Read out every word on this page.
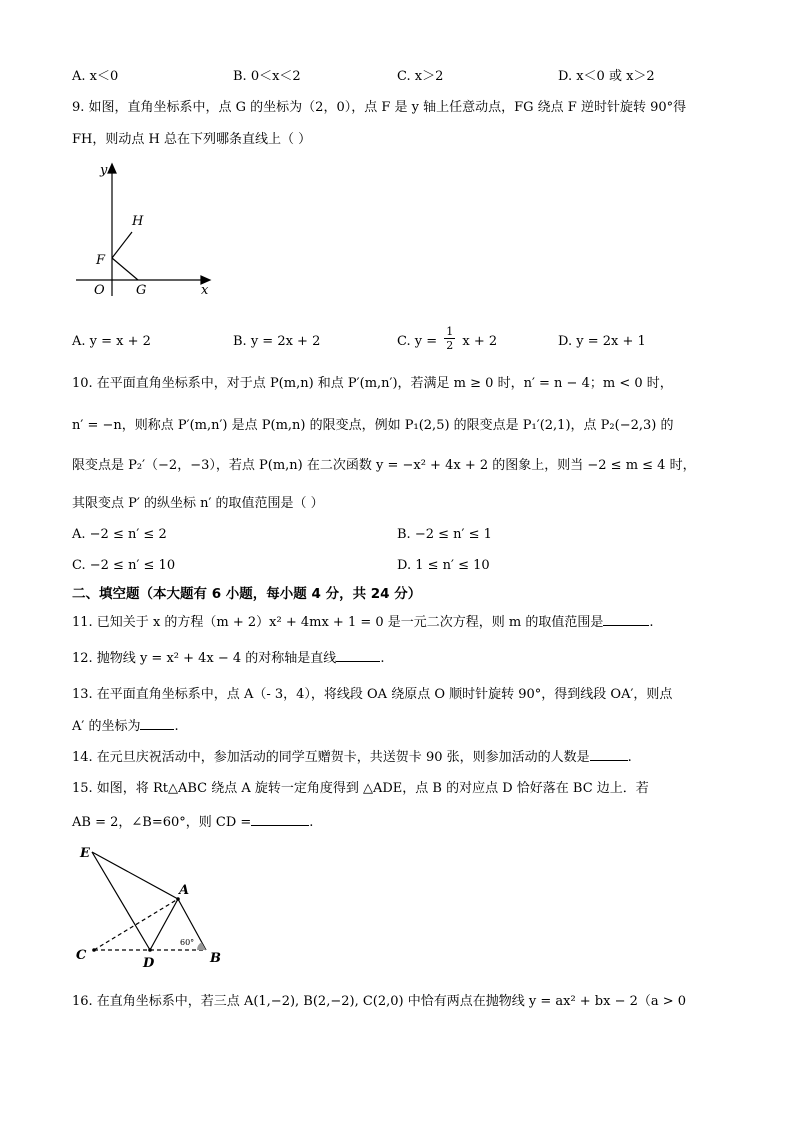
A. x＜0	B. 0＜x＜2	C. x＞2	D. x＜0 或 x＞2
9. 如图，直角坐标系中，点 G 的坐标为（2，0），点 F 是 y 轴上任意动点，FG 绕点 F 逆时针旋转 90°得
FH，则动点 H 总在下列哪条直线上（ ）
y
x
O
F
G
H
A. y = x + 2	B. y = 2x + 2	C. $y = \frac{1}{2}$ x + 2	D. y = 2x + 1
10. 在平面直角坐标系中，对于点 P(m,n) 和点 P′(m,n′)，若满足 m ≥ 0 时，n′ = n − 4；m < 0 时，
n′ = −n，则称点 P′(m,n′) 是点 P(m,n) 的限变点，例如 P₁(2,5) 的限变点是 P₁′(2,1)，点 P₂(−2,3) 的
限变点是 P₂′（−2，−3），若点 P(m,n) 在二次函数 y = −x² + 4x + 2 的图象上，则当 −2 ≤ m ≤ 4 时，
其限变点 P′ 的纵坐标 n′ 的取值范围是（ ）
A. −2 ≤ n′ ≤ 2	B. −2 ≤ n′ ≤ 1
C. −2 ≤ n′ ≤ 10	D. 1 ≤ n′ ≤ 10
二、填空题（本大题有 6 小题，每小题 4 分，共 24 分）
11. 已知关于 x 的方程（m + 2）x² + 4mx + 1 = 0 是一元二次方程，则 m 的取值范围是	.
12. 抛物线 y = x² + 4x − 4 的对称轴是直线	.
13. 在平面直角坐标系中，点 A（- 3，4），将线段 OA 绕原点 O 顺时针旋转 90°，得到线段 OA′，则点
A′ 的坐标为	.
14. 在元旦庆祝活动中，参加活动的同学互赠贺卡，共送贺卡 90 张，则参加活动的人数是	.
15. 如图，将 Rt△ABC 绕点 A 旋转一定角度得到 △ADE，点 B 的对应点 D 恰好落在 BC 边上．若
AB = 2，∠B=60°，则 CD =	.
E
A
C
D	B
60°
16. 在直角坐标系中，若三点 A(1,−2), B(2,−2), C(2,0) 中恰有两点在抛物线 y = ax² + bx − 2（a > 0
